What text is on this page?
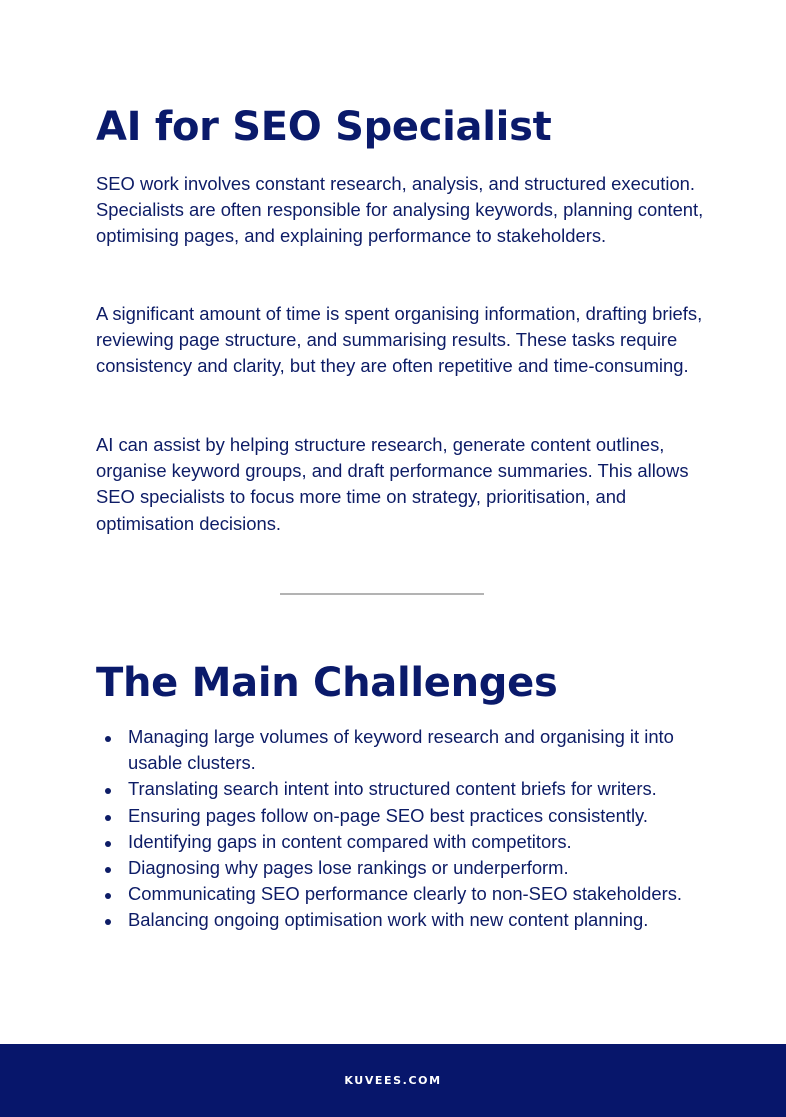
AI for SEO Specialist

SEO work involves constant research, analysis, and structured execution. Specialists are often responsible for analysing keywords, planning content, optimising pages, and explaining performance to stakeholders.

A significant amount of time is spent organising information, drafting briefs, reviewing page structure, and summarising results. These tasks require consistency and clarity, but they are often repetitive and time-consuming.

AI can assist by helping structure research, generate content outlines, organise keyword groups, and draft performance summaries. This allows SEO specialists to focus more time on strategy, prioritisation, and optimisation decisions.

The Main Challenges
Managing large volumes of keyword research and organising it into usable clusters.
Translating search intent into structured content briefs for writers.
Ensuring pages follow on-page SEO best practices consistently.
Identifying gaps in content compared with competitors.
Diagnosing why pages lose rankings or underperform.
Communicating SEO performance clearly to non-SEO stakeholders.
Balancing ongoing optimisation work with new content planning.
KUVEES.COM
